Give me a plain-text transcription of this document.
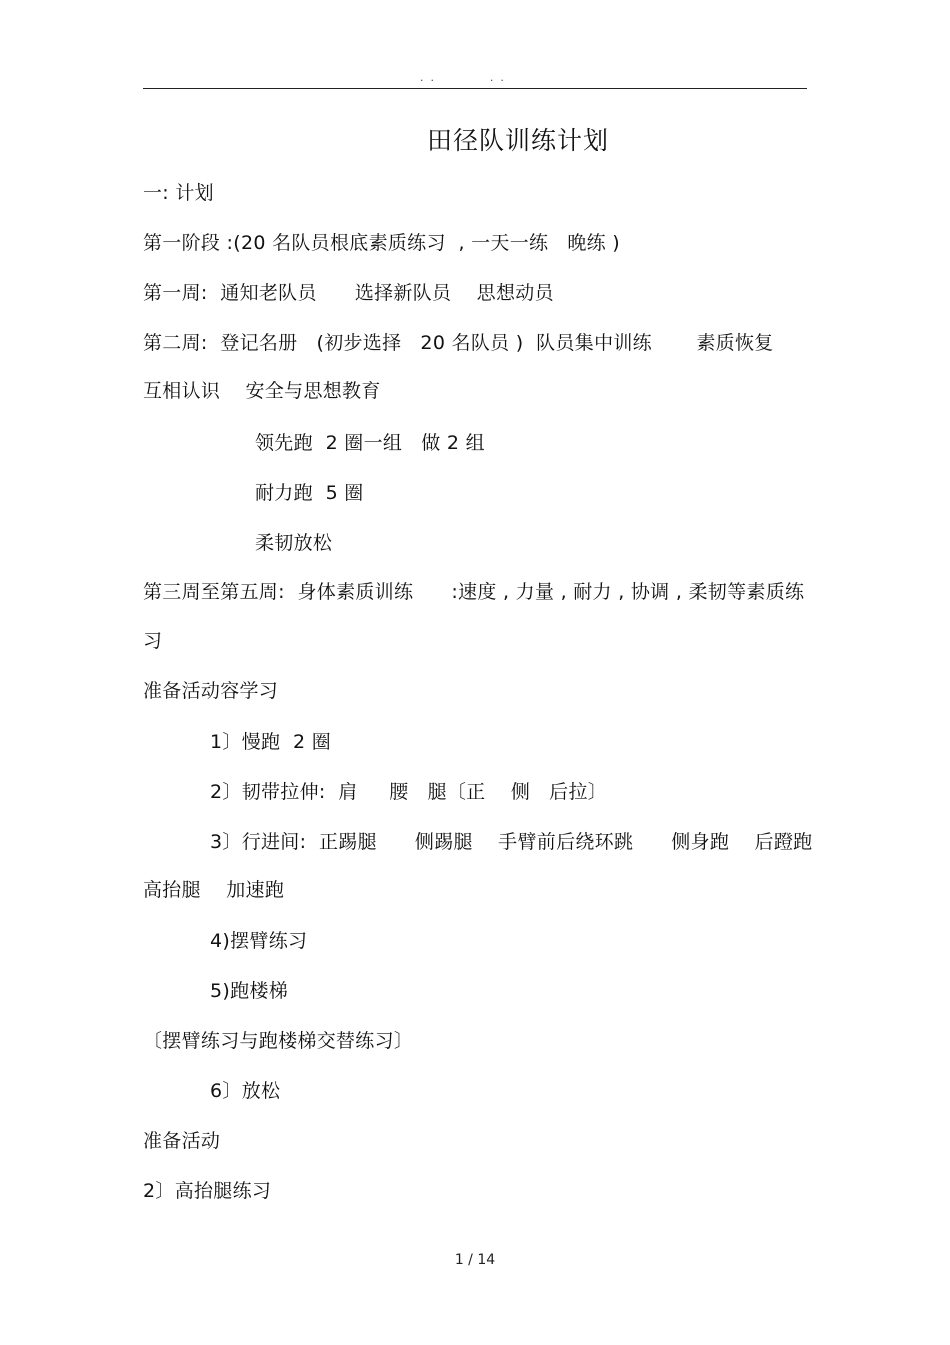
.  .                .  .
田径队训练计划
一: 计划
第一阶段 :(20 名队员根底素质练习  , 一天一练   晚练 )
第一周:  通知老队员      选择新队员    思想动员
第二周:  登记名册   (初步选择   20 名队员 )  队员集中训练       素质恢复
互相认识    安全与思想教育
领先跑  2 圈一组   做 2 组
耐力跑  5 圈
柔韧放松
第三周至第五周:  身体素质训练      :速度 , 力量 , 耐力 , 协调 , 柔韧等素质练
习
准备活动容学习
1〕慢跑  2 圈
2〕韧带拉伸:  肩     腰   腿〔正    侧   后拉〕
3〕行进间:  正踢腿      侧踢腿    手臂前后绕环跳      侧身跑    后蹬跑
高抬腿    加速跑
4)摆臂练习
5)跑楼梯
〔摆臂练习与跑楼梯交替练习〕
6〕放松
准备活动
2〕高抬腿练习
1 / 14
